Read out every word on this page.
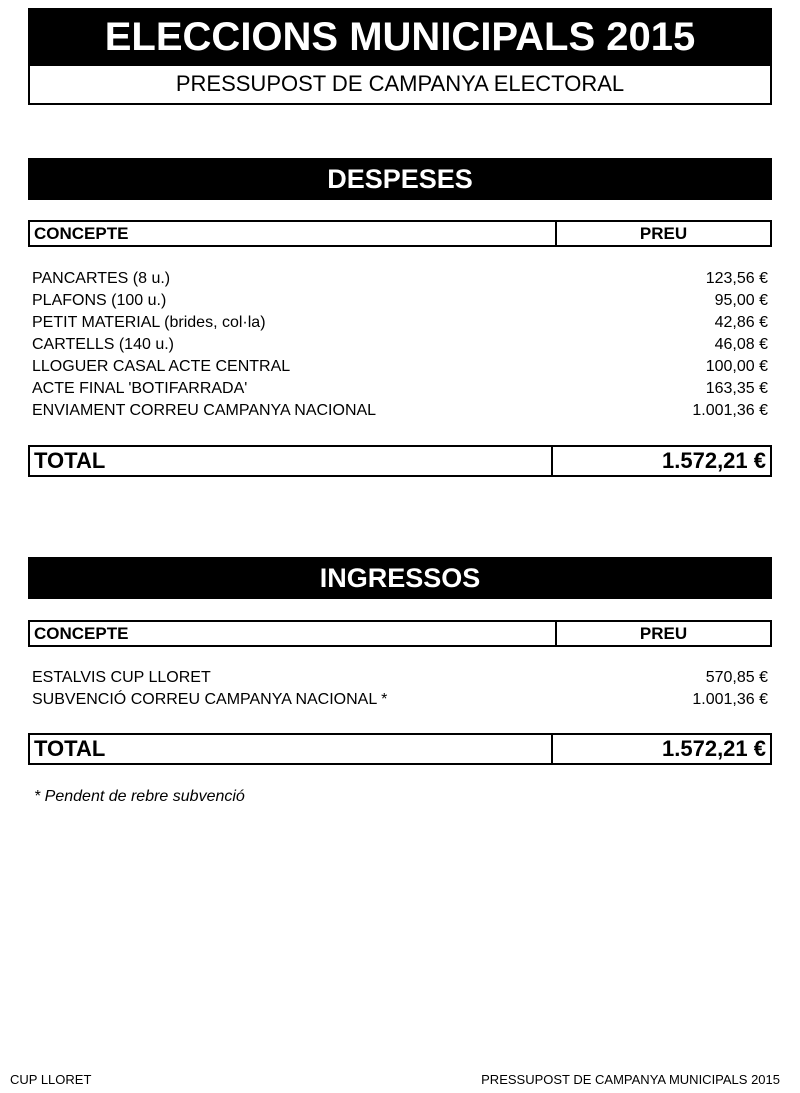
ELECCIONS MUNICIPALS 2015
PRESSUPOST DE CAMPANYA ELECTORAL
DESPESES
CONCEPTE	PREU
PANCARTES (8 u.)	123,56 €
PLAFONS (100 u.)	95,00 €
PETIT MATERIAL (brides, col·la)	42,86 €
CARTELLS (140 u.)	46,08 €
LLOGUER CASAL ACTE CENTRAL	100,00 €
ACTE FINAL 'BOTIFARRADA'	163,35 €
ENVIAMENT CORREU CAMPANYA NACIONAL	1.001,36 €
TOTAL	1.572,21 €
INGRESSOS
CONCEPTE	PREU
ESTALVIS CUP LLORET	570,85 €
SUBVENCIÓ CORREU CAMPANYA NACIONAL *	1.001,36 €
TOTAL	1.572,21 €
* Pendent de rebre subvenció
CUP LLORET	PRESSUPOST DE CAMPANYA MUNICIPALS 2015
